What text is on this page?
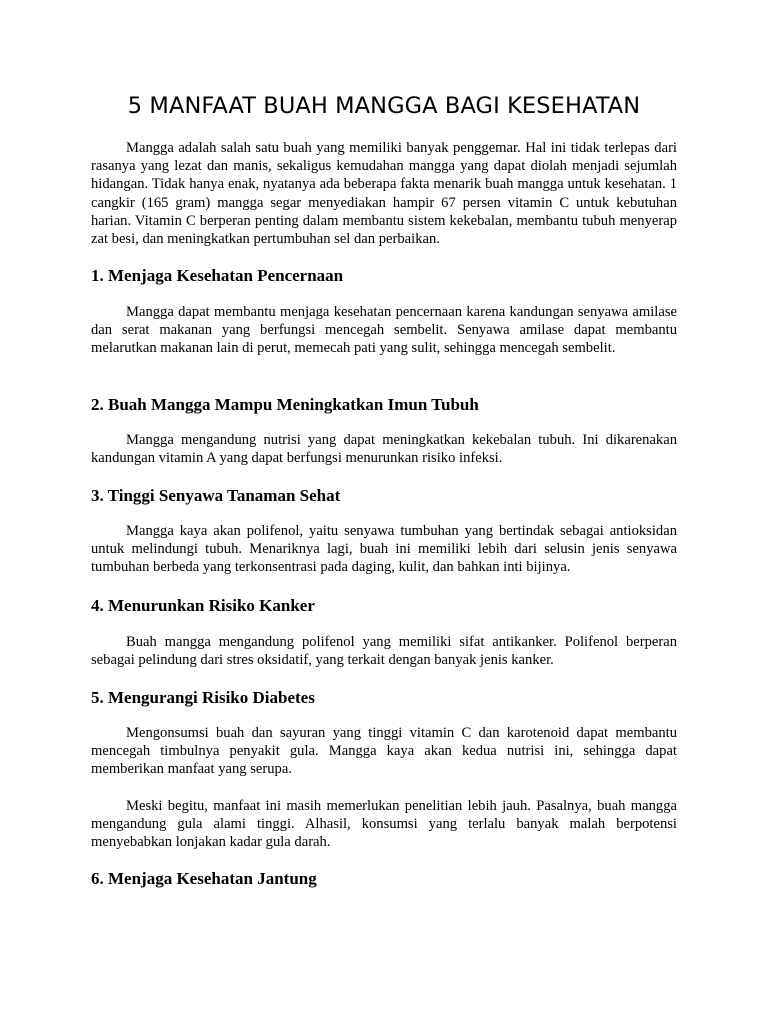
5 MANFAAT BUAH MANGGA BAGI KESEHATAN

Mangga adalah salah satu buah yang memiliki banyak penggemar. Hal ini tidak terlepas dari rasanya yang lezat dan manis, sekaligus kemudahan mangga yang dapat diolah menjadi sejumlah hidangan. Tidak hanya enak, nyatanya ada beberapa fakta menarik buah mangga untuk kesehatan. 1 cangkir (165 gram) mangga segar menyediakan hampir 67 persen vitamin C untuk kebutuhan harian. Vitamin C berperan penting dalam membantu sistem kekebalan, membantu tubuh menyerap zat besi, dan meningkatkan pertumbuhan sel dan perbaikan.

1. Menjaga Kesehatan Pencernaan

Mangga dapat membantu menjaga kesehatan pencernaan karena kandungan senyawa amilase dan serat makanan yang berfungsi mencegah sembelit. Senyawa amilase dapat membantu melarutkan makanan lain di perut, memecah pati yang sulit, sehingga mencegah sembelit.

2. Buah Mangga Mampu Meningkatkan Imun Tubuh

Mangga mengandung nutrisi yang dapat meningkatkan kekebalan tubuh. Ini dikarenakan kandungan vitamin A yang dapat berfungsi menurunkan risiko infeksi.

3. Tinggi Senyawa Tanaman Sehat

Mangga kaya akan polifenol, yaitu senyawa tumbuhan yang bertindak sebagai antioksidan untuk melindungi tubuh. Menariknya lagi, buah ini memiliki lebih dari selusin jenis senyawa tumbuhan berbeda yang terkonsentrasi pada daging, kulit, dan bahkan inti bijinya.

4. Menurunkan Risiko Kanker

Buah mangga mengandung polifenol yang memiliki sifat antikanker. Polifenol berperan sebagai pelindung dari stres oksidatif, yang terkait dengan banyak jenis kanker.

5. Mengurangi Risiko Diabetes

Mengonsumsi buah dan sayuran yang tinggi vitamin C dan karotenoid dapat membantu mencegah timbulnya penyakit gula. Mangga kaya akan kedua nutrisi ini, sehingga dapat memberikan manfaat yang serupa.

Meski begitu, manfaat ini masih memerlukan penelitian lebih jauh. Pasalnya, buah mangga mengandung gula alami tinggi. Alhasil, konsumsi yang terlalu banyak malah berpotensi menyebabkan lonjakan kadar gula darah.

6. Menjaga Kesehatan Jantung
